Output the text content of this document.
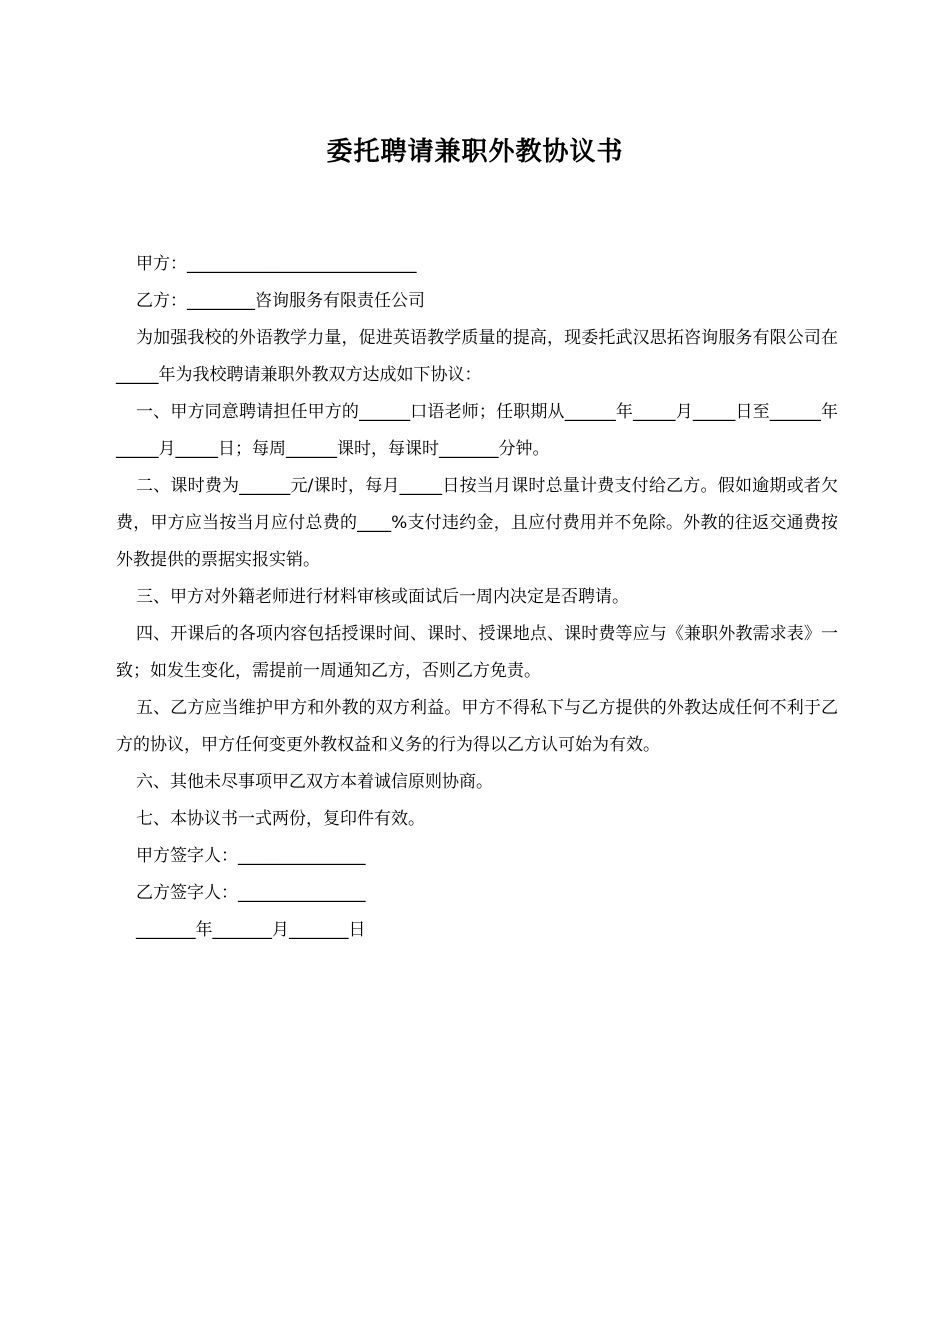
委托聘请兼职外教协议书

甲方：___________________________

乙方：________咨询服务有限责任公司

为加强我校的外语教学力量，促进英语教学质量的提高，现委托武汉思拓咨询服务有限公司在_____年为我校聘请兼职外教双方达成如下协议：

一、甲方同意聘请担任甲方的______口语老师；任职期从______年_____月_____日至______年_____月_____日；每周______课时，每课时_______分钟。

二、课时费为______元/课时，每月_____日按当月课时总量计费支付给乙方。假如逾期或者欠费，甲方应当按当月应付总费的____%支付违约金，且应付费用并不免除。外教的往返交通费按外教提供的票据实报实销。

三、甲方对外籍老师进行材料审核或面试后一周内决定是否聘请。

四、开课后的各项内容包括授课时间、课时、授课地点、课时费等应与《兼职外教需求表》一致；如发生变化，需提前一周通知乙方，否则乙方免责。

五、乙方应当维护甲方和外教的双方利益。甲方不得私下与乙方提供的外教达成任何不利于乙方的协议，甲方任何变更外教权益和义务的行为得以乙方认可始为有效。

六、其他未尽事项甲乙双方本着诚信原则协商。

七、本协议书一式两份，复印件有效。

甲方签字人：_______________

乙方签字人：_______________

_______年_______月_______日
